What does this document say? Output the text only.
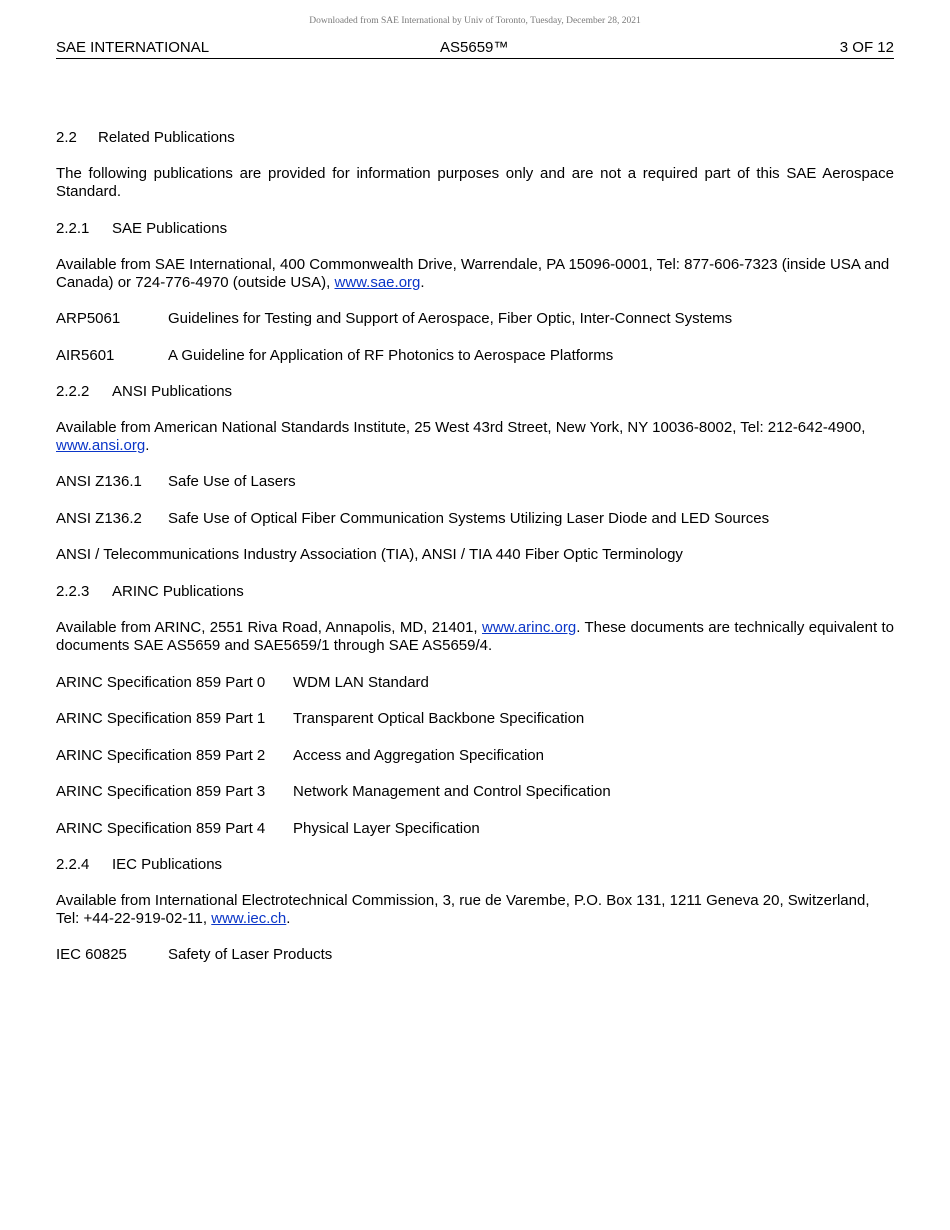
Downloaded from SAE International by Univ of Toronto, Tuesday, December 28, 2021
SAE INTERNATIONAL	AS5659™	3 OF 12
2.2 Related Publications
The following publications are provided for information purposes only and are not a required part of this SAE Aerospace Standard.
2.2.1 SAE Publications
Available from SAE International, 400 Commonwealth Drive, Warrendale, PA 15096-0001, Tel: 877-606-7323 (inside USA and Canada) or 724-776-4970 (outside USA), www.sae.org.
ARP5061	Guidelines for Testing and Support of Aerospace, Fiber Optic, Inter-Connect Systems
AIR5601	A Guideline for Application of RF Photonics to Aerospace Platforms
2.2.2 ANSI Publications
Available from American National Standards Institute, 25 West 43rd Street, New York, NY 10036-8002, Tel: 212-642-4900, www.ansi.org.
ANSI Z136.1 Safe Use of Lasers
ANSI Z136.2 Safe Use of Optical Fiber Communication Systems Utilizing Laser Diode and LED Sources
ANSI / Telecommunications Industry Association (TIA), ANSI / TIA 440 Fiber Optic Terminology
2.2.3 ARINC Publications
Available from ARINC, 2551 Riva Road, Annapolis, MD, 21401, www.arinc.org. These documents are technically equivalent to documents SAE AS5659 and SAE5659/1 through SAE AS5659/4.
ARINC Specification 859 Part 0 WDM LAN Standard
ARINC Specification 859 Part 1 Transparent Optical Backbone Specification
ARINC Specification 859 Part 2 Access and Aggregation Specification
ARINC Specification 859 Part 3 Network Management and Control Specification
ARINC Specification 859 Part 4 Physical Layer Specification
2.2.4 IEC Publications
Available from International Electrotechnical Commission, 3, rue de Varembe, P.O. Box 131, 1211 Geneva 20, Switzerland, Tel: +44-22-919-02-11, www.iec.ch.
IEC 60825	Safety of Laser Products
